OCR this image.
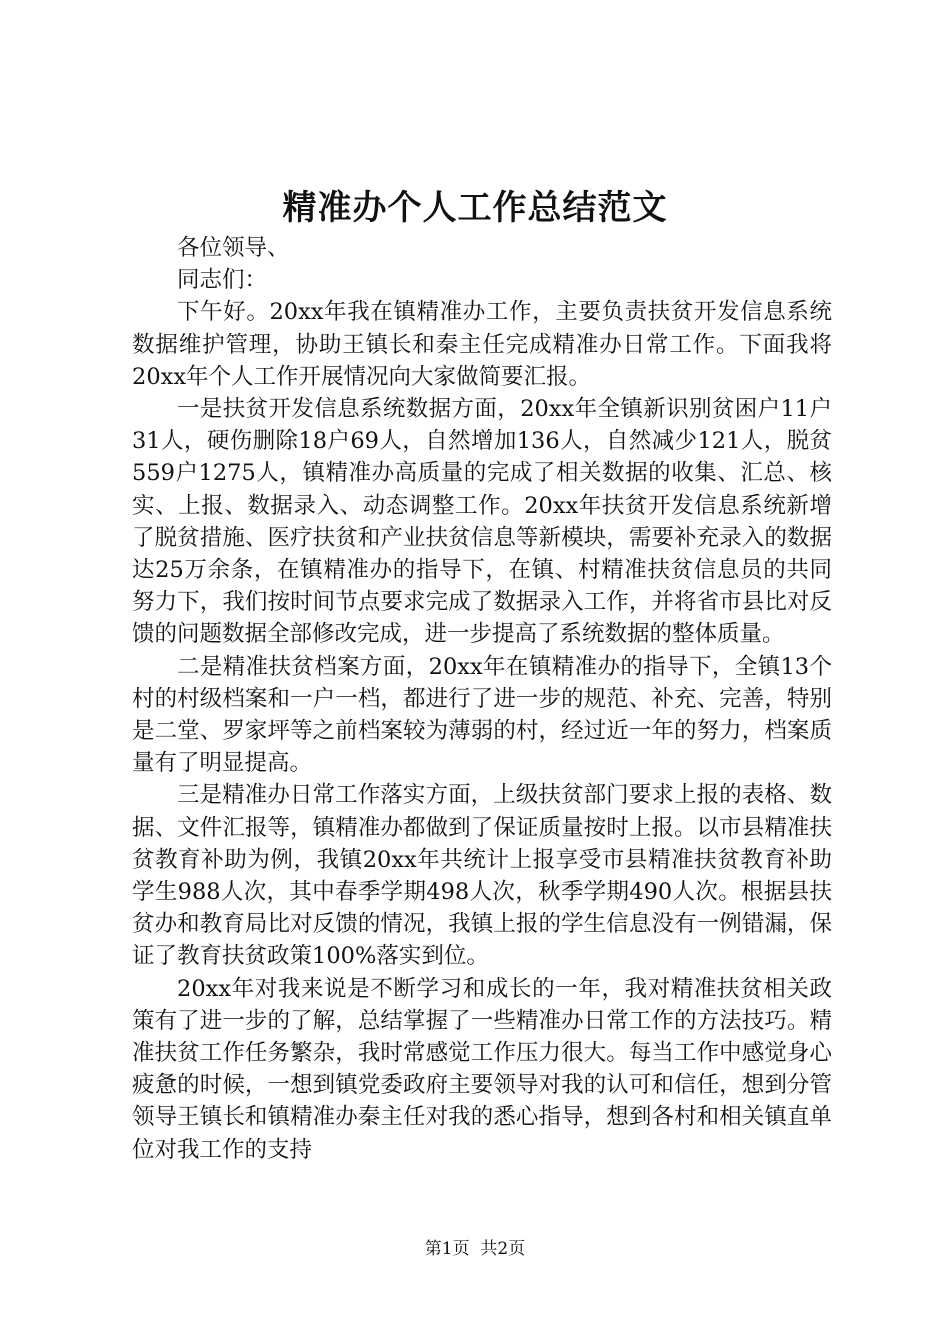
精准办个人工作总结范文

各位领导、

同志们：

下午好。20xx年我在镇精准办工作，主要负责扶贫开发信息系统数据维护管理，协助王镇长和秦主任完成精准办日常工作。下面我将20xx年个人工作开展情况向大家做简要汇报。

一是扶贫开发信息系统数据方面，20xx年全镇新识别贫困户11户31人，硬伤删除18户69人，自然增加136人，自然减少121人，脱贫559户1275人，镇精准办高质量的完成了相关数据的收集、汇总、核实、上报、数据录入、动态调整工作。20xx年扶贫开发信息系统新增了脱贫措施、医疗扶贫和产业扶贫信息等新模块，需要补充录入的数据达25万余条，在镇精准办的指导下，在镇、村精准扶贫信息员的共同努力下，我们按时间节点要求完成了数据录入工作，并将省市县比对反馈的问题数据全部修改完成，进一步提高了系统数据的整体质量。

二是精准扶贫档案方面，20xx年在镇精准办的指导下，全镇13个村的村级档案和一户一档，都进行了进一步的规范、补充、完善，特别是二堂、罗家坪等之前档案较为薄弱的村，经过近一年的努力，档案质量有了明显提高。

三是精准办日常工作落实方面，上级扶贫部门要求上报的表格、数据、文件汇报等，镇精准办都做到了保证质量按时上报。以市县精准扶贫教育补助为例，我镇20xx年共统计上报享受市县精准扶贫教育补助学生988人次，其中春季学期498人次，秋季学期490人次。根据县扶贫办和教育局比对反馈的情况，我镇上报的学生信息没有一例错漏，保证了教育扶贫政策100%落实到位。

20xx年对我来说是不断学习和成长的一年，我对精准扶贫相关政策有了进一步的了解，总结掌握了一些精准办日常工作的方法技巧。精准扶贫工作任务繁杂，我时常感觉工作压力很大。每当工作中感觉身心疲惫的时候，一想到镇党委政府主要领导对我的认可和信任，想到分管领导王镇长和镇精准办秦主任对我的悉心指导，想到各村和相关镇直单位对我工作的支持

第1页  共2页
